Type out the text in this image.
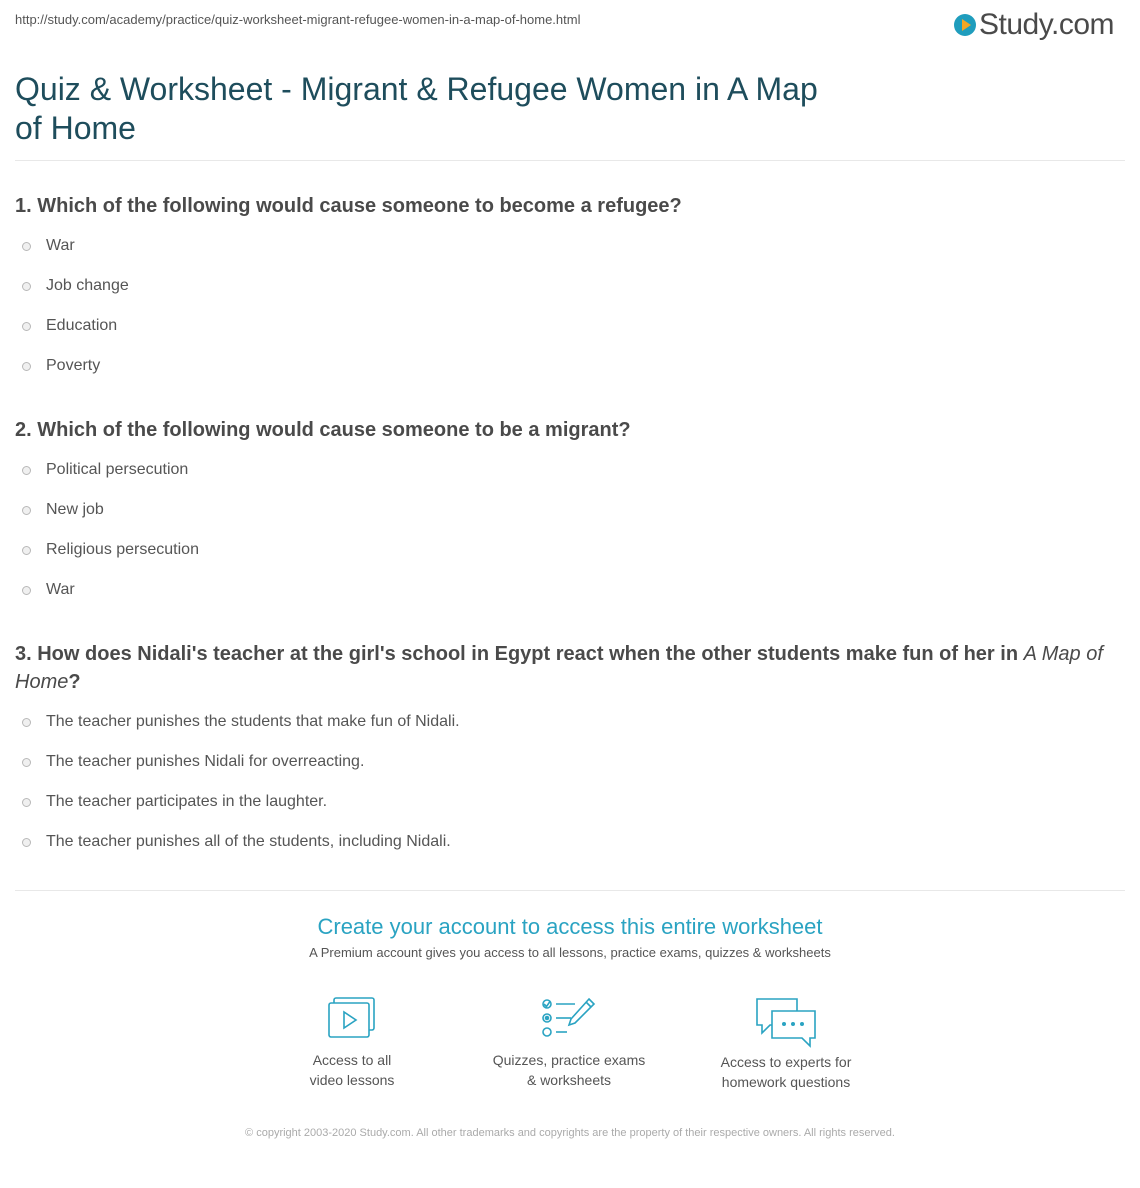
http://study.com/academy/practice/quiz-worksheet-migrant-refugee-women-in-a-map-of-home.html	Study.com
Quiz & Worksheet - Migrant & Refugee Women in A Map
of Home
1. Which of the following would cause someone to become a refugee?
War
Job change
Education
Poverty
2. Which of the following would cause someone to be a migrant?
Political persecution
New job
Religious persecution
War
3. How does Nidali's teacher at the girl's school in Egypt react when the other students make fun of her in A Map of Home?
The teacher punishes the students that make fun of Nidali.
The teacher punishes Nidali for overreacting.
The teacher participates in the laughter.
The teacher punishes all of the students, including Nidali.
Create your account to access this entire worksheet
A Premium account gives you access to all lessons, practice exams, quizzes & worksheets
Access to all
video lessons
Quizzes, practice exams
& worksheets
Access to experts for
homework questions
© copyright 2003-2020 Study.com. All other trademarks and copyrights are the property of their respective owners. All rights reserved.
